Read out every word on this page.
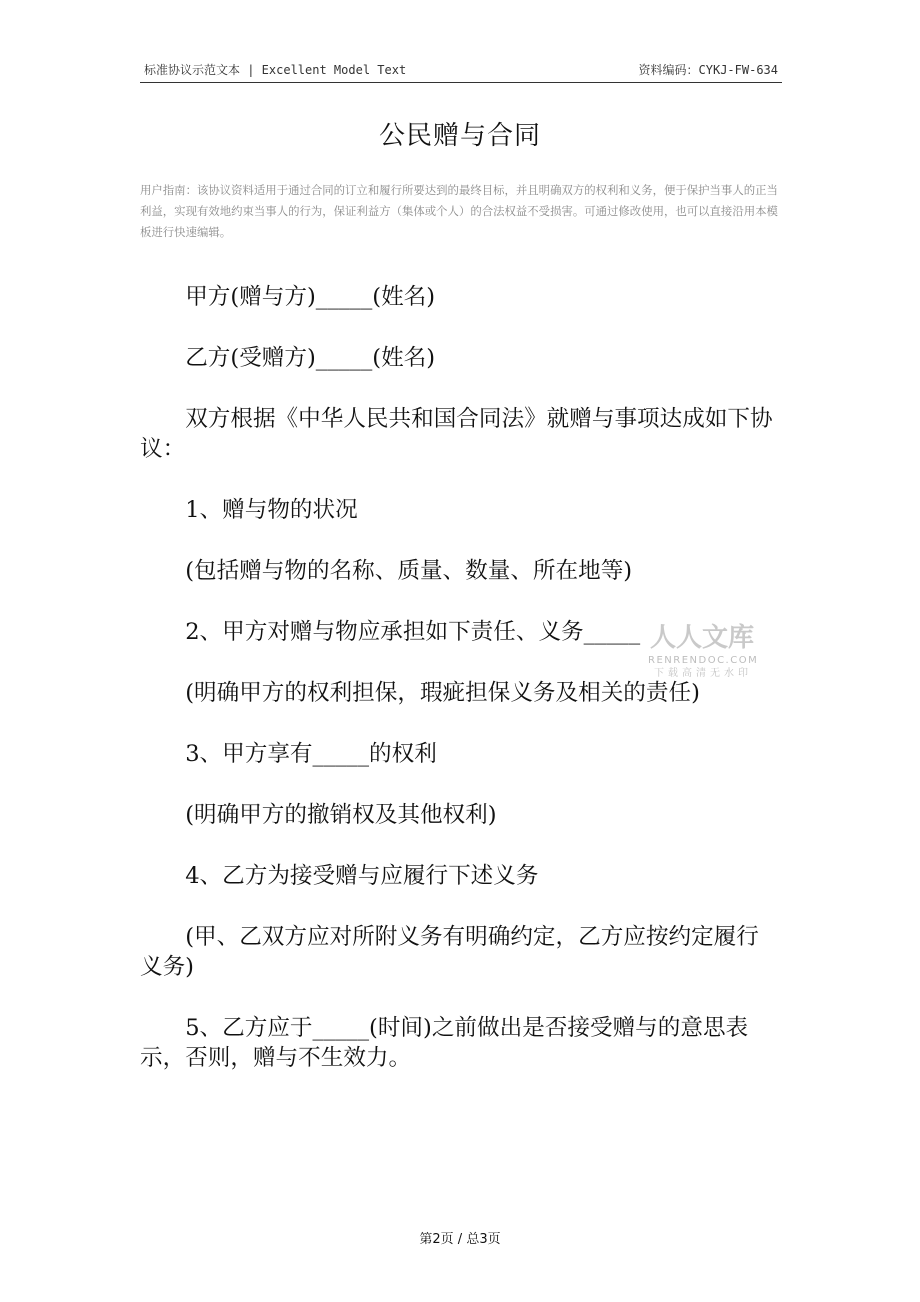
标准协议示范文本 | Excellent Model Text	资料编码：CYKJ-FW-634
公民赠与合同
用户指南：该协议资料适用于通过合同的订立和履行所要达到的最终目标，并且明确双方的权利和义务，便于保护当事人的正当利益，实现有效地约束当事人的行为，保证利益方（集体或个人）的合法权益不受损害。可通过修改使用，也可以直接沿用本模板进行快速编辑。

甲方(赠与方)_____(姓名)

乙方(受赠方)_____(姓名)

双方根据《中华人民共和国合同法》就赠与事项达成如下协议：

1、赠与物的状况

(包括赠与物的名称、质量、数量、所在地等)

2、甲方对赠与物应承担如下责任、义务_____

(明确甲方的权利担保，瑕疵担保义务及相关的责任)

3、甲方享有_____的权利

(明确甲方的撤销权及其他权利)

4、乙方为接受赠与应履行下述义务

(甲、乙双方应对所附义务有明确约定，乙方应按约定履行义务)

5、乙方应于_____(时间)之前做出是否接受赠与的意思表示，否则，赠与不生效力。

人人文库
RENRENDOC.COM
下载高清无水印
第2页 / 总3页
